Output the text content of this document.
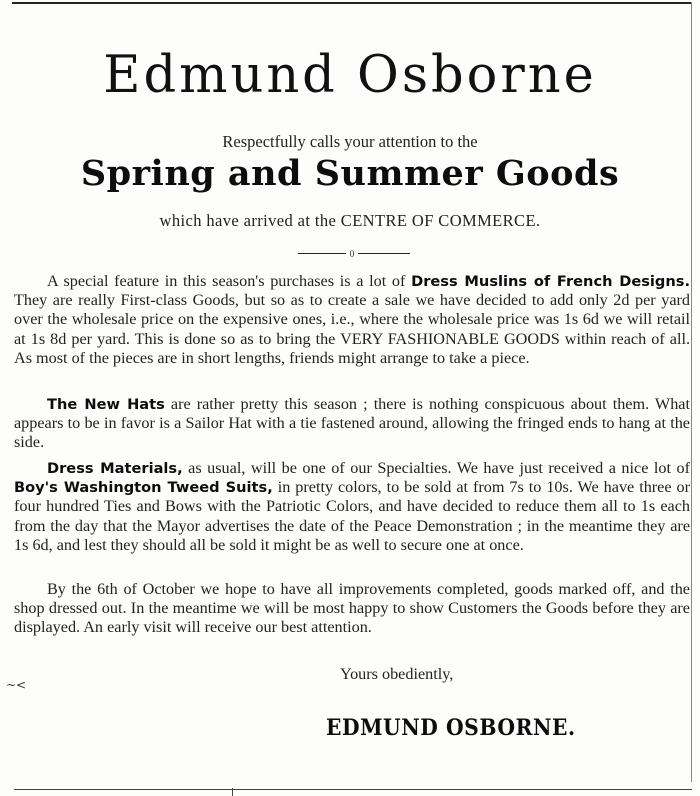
Edmund Osborne
Respectfully calls your attention to the
Spring and Summer Goods
which have arrived at the CENTRE OF COMMERCE.
0

A special feature in this season's purchases is a lot of Dress Muslins of French Designs. They are really First-class Goods, but so as to create a sale we have decided to add only 2d per yard over the wholesale price on the expensive ones, i.e., where the wholesale price was 1s 6d we will retail at 1s 8d per yard. This is done so as to bring the VERY FASHIONABLE GOODS within reach of all. As most of the pieces are in short lengths, friends might arrange to take a piece.

The New Hats are rather pretty this season ; there is nothing conspicuous about them. What appears to be in favor is a Sailor Hat with a tie fastened around, allowing the fringed ends to hang at the side.

Dress Materials, as usual, will be one of our Specialties. We have just received a nice lot of Boy's Washington Tweed Suits, in pretty colors, to be sold at from 7s to 10s. We have three or four hundred Ties and Bows with the Patriotic Colors, and have decided to reduce them all to 1s each from the day that the Mayor advertises the date of the Peace Demonstration ; in the meantime they are 1s 6d, and lest they should all be sold it might be as well to secure one at once.

By the 6th of October we hope to have all improvements completed, goods marked off, and the shop dressed out. In the meantime we will be most happy to show Customers the Goods before they are displayed. An early visit will receive our best attention.

Yours obediently,
EDMUND OSBORNE.
~<
